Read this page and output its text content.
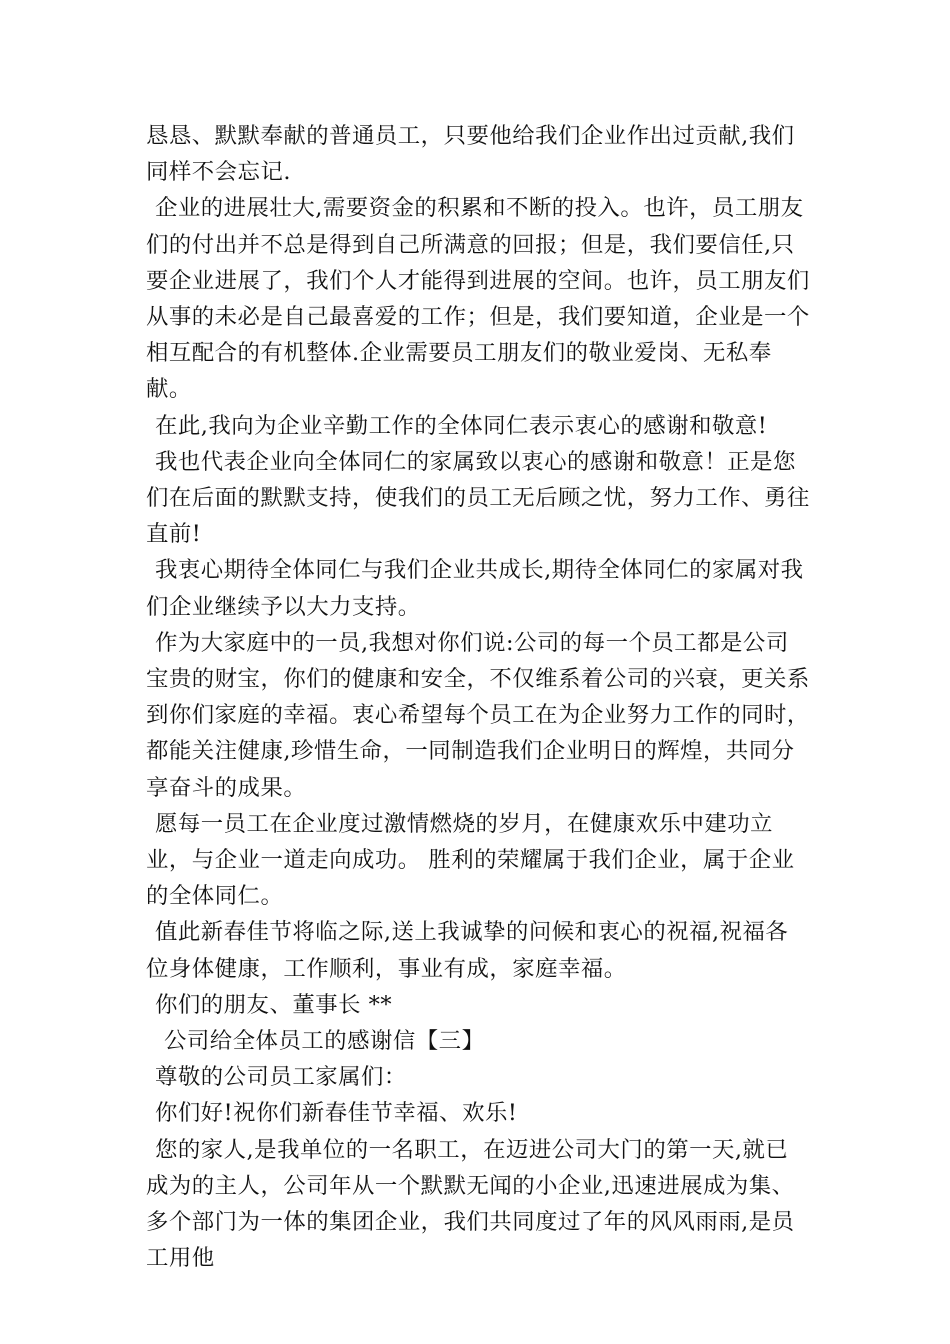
恳恳、默默奉献的普通员工，只要他给我们企业作出过贡献,我们同样不会忘记.

企业的进展壮大,需要资金的积累和不断的投入。也许，员工朋友们的付出并不总是得到自己所满意的回报；但是，我们要信任,只要企业进展了，我们个人才能得到进展的空间。也许，员工朋友们从事的未必是自己最喜爱的工作；但是，我们要知道，企业是一个相互配合的有机整体.企业需要员工朋友们的敬业爱岗、无私奉献。

在此,我向为企业辛勤工作的全体同仁表示衷心的感谢和敬意!

我也代表企业向全体同仁的家属致以衷心的感谢和敬意！正是您们在后面的默默支持，使我们的员工无后顾之忧，努力工作、勇往直前!

我衷心期待全体同仁与我们企业共成长,期待全体同仁的家属对我们企业继续予以大力支持。

作为大家庭中的一员,我想对你们说:公司的每一个员工都是公司宝贵的财宝，你们的健康和安全，不仅维系着公司的兴衰，更关系到你们家庭的幸福。衷心希望每个员工在为企业努力工作的同时，都能关注健康,珍惜生命，一同制造我们企业明日的辉煌，共同分享奋斗的成果。

愿每一员工在企业度过激情燃烧的岁月，在健康欢乐中建功立业，与企业一道走向成功。 胜利的荣耀属于我们企业，属于企业的全体同仁。

值此新春佳节将临之际,送上我诚挚的问候和衷心的祝福,祝福各位身体健康，工作顺利，事业有成，家庭幸福。

你们的朋友、董事长 **

公司给全体员工的感谢信【三】

尊敬的公司员工家属们：

你们好!祝你们新春佳节幸福、欢乐!

您的家人,是我单位的一名职工，在迈进公司大门的第一天,就已成为的主人，公司年从一个默默无闻的小企业,迅速进展成为集、多个部门为一体的集团企业，我们共同度过了年的风风雨雨,是员工用他
